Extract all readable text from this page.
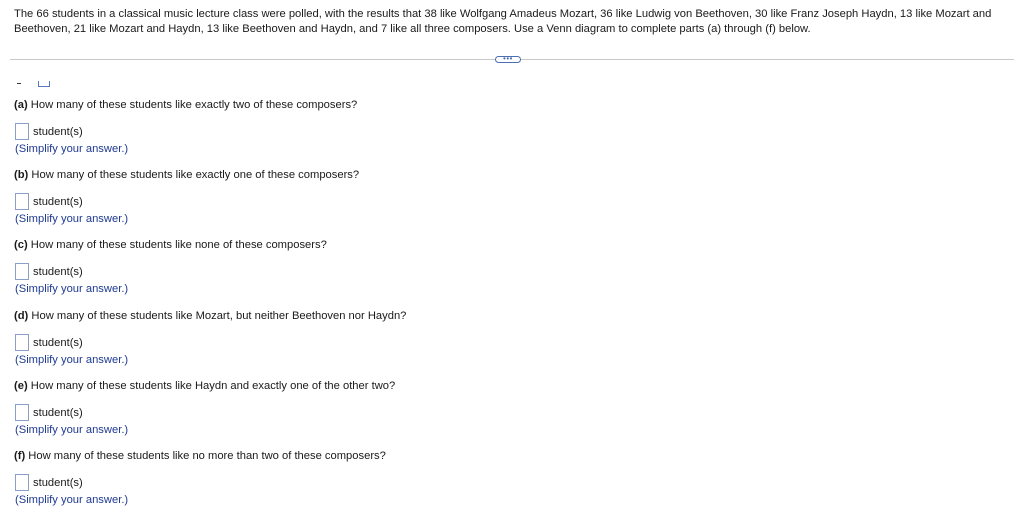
The 66 students in a classical music lecture class were polled, with the results that 38 like Wolfgang Amadeus Mozart, 36 like Ludwig von Beethoven, 30 like Franz Joseph Haydn, 13 like Mozart and Beethoven, 21 like Mozart and Haydn, 13 like Beethoven and Haydn, and 7 like all three composers. Use a Venn diagram to complete parts (a) through (f) below.
•••
(a) How many of these students like exactly two of these composers?
student(s)
(Simplify your answer.)
(b) How many of these students like exactly one of these composers?
student(s)
(Simplify your answer.)
(c) How many of these students like none of these composers?
student(s)
(Simplify your answer.)
(d) How many of these students like Mozart, but neither Beethoven nor Haydn?
student(s)
(Simplify your answer.)
(e) How many of these students like Haydn and exactly one of the other two?
student(s)
(Simplify your answer.)
(f) How many of these students like no more than two of these composers?
student(s)
(Simplify your answer.)
